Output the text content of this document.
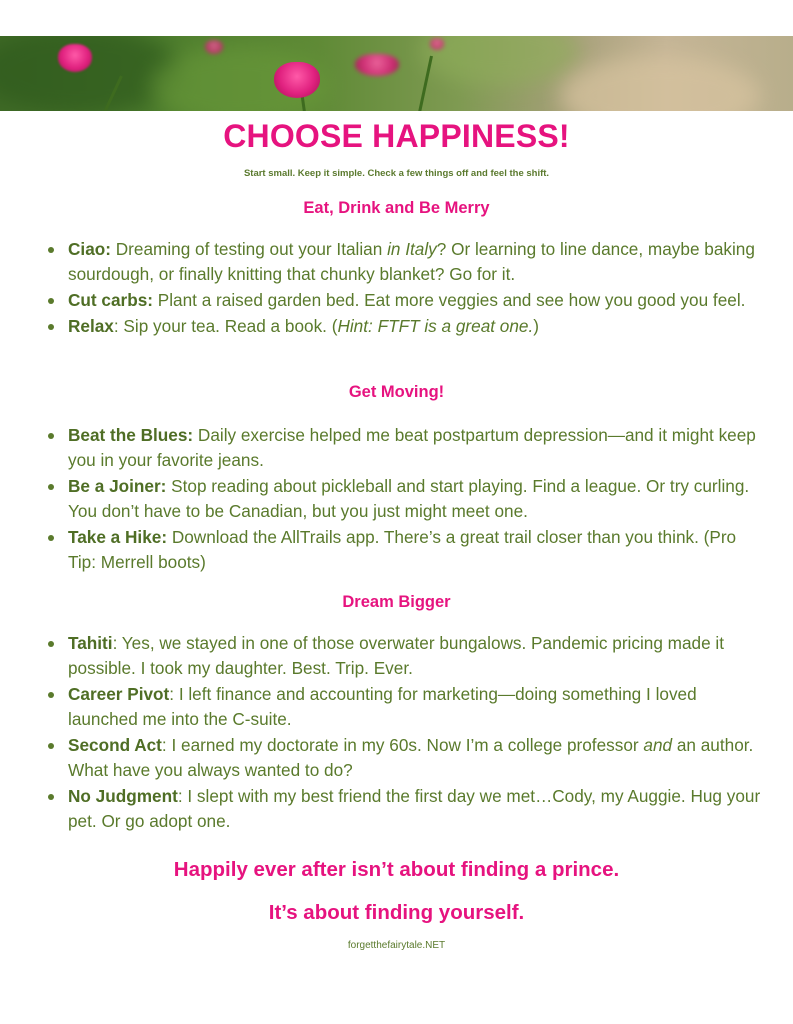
CHOOSE HAPPINESS!
Start small. Keep it simple. Check a few things off and feel the shift.
Eat, Drink and Be Merry
Ciao: Dreaming of testing out your Italian in Italy? Or learning to line dance, maybe baking sourdough, or finally knitting that chunky blanket? Go for it.
Cut carbs: Plant a raised garden bed. Eat more veggies and see how you good you feel.
Relax: Sip your tea. Read a book. (Hint: FTFT is a great one.)
Get Moving!
Beat the Blues: Daily exercise helped me beat postpartum depression—and it might keep you in your favorite jeans.
Be a Joiner: Stop reading about pickleball and start playing. Find a league. Or try curling. You don’t have to be Canadian, but you just might meet one.
Take a Hike: Download the AllTrails app. There’s a great trail closer than you think. (Pro Tip: Merrell boots)
Dream Bigger
Tahiti: Yes, we stayed in one of those overwater bungalows. Pandemic pricing made it possible. I took my daughter. Best. Trip. Ever.
Career Pivot: I left finance and accounting for marketing—doing something I loved launched me into the C-suite.
Second Act: I earned my doctorate in my 60s. Now I’m a college professor and an author. What have you always wanted to do?
No Judgment: I slept with my best friend the first day we met…Cody, my Auggie. Hug your pet. Or go adopt one.
Happily ever after isn’t about finding a prince.
It’s about finding yourself.
forgetthefairytale.NET
